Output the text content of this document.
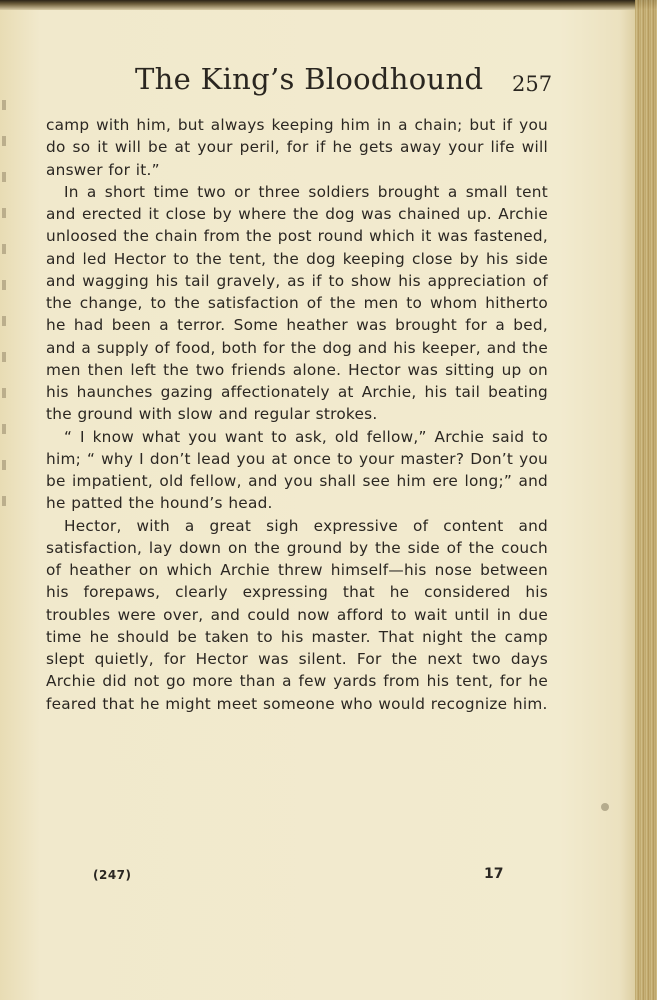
The King’s Bloodhound 257

camp with him, but always keeping him in a chain; but if you do so it will be at your peril, for if he gets away your life will answer for it.”

In a short time two or three soldiers brought a small tent and erected it close by where the dog was chained up. Archie unloosed the chain from the post round which it was fastened, and led Hector to the tent, the dog keeping close by his side and wagging his tail gravely, as if to show his appreciation of the change, to the satisfaction of the men to whom hitherto he had been a terror. Some heather was brought for a bed, and a supply of food, both for the dog and his keeper, and the men then left the two friends alone. Hector was sitting up on his haunches gazing affectionately at Archie, his tail beating the ground with slow and regular strokes.

“ I know what you want to ask, old fellow,” Archie said to him; “ why I don’t lead you at once to your master? Don’t you be impatient, old fellow, and you shall see him ere long;” and he patted the hound’s head.

Hector, with a great sigh expressive of content and satisfaction, lay down on the ground by the side of the couch of heather on which Archie threw himself—his nose between his forepaws, clearly expressing that he considered his troubles were over, and could now afford to wait until in due time he should be taken to his master. That night the camp slept quietly, for Hector was silent. For the next two days Archie did not go more than a few yards from his tent, for he feared that he might meet someone who would recognize him.

(247)	17
